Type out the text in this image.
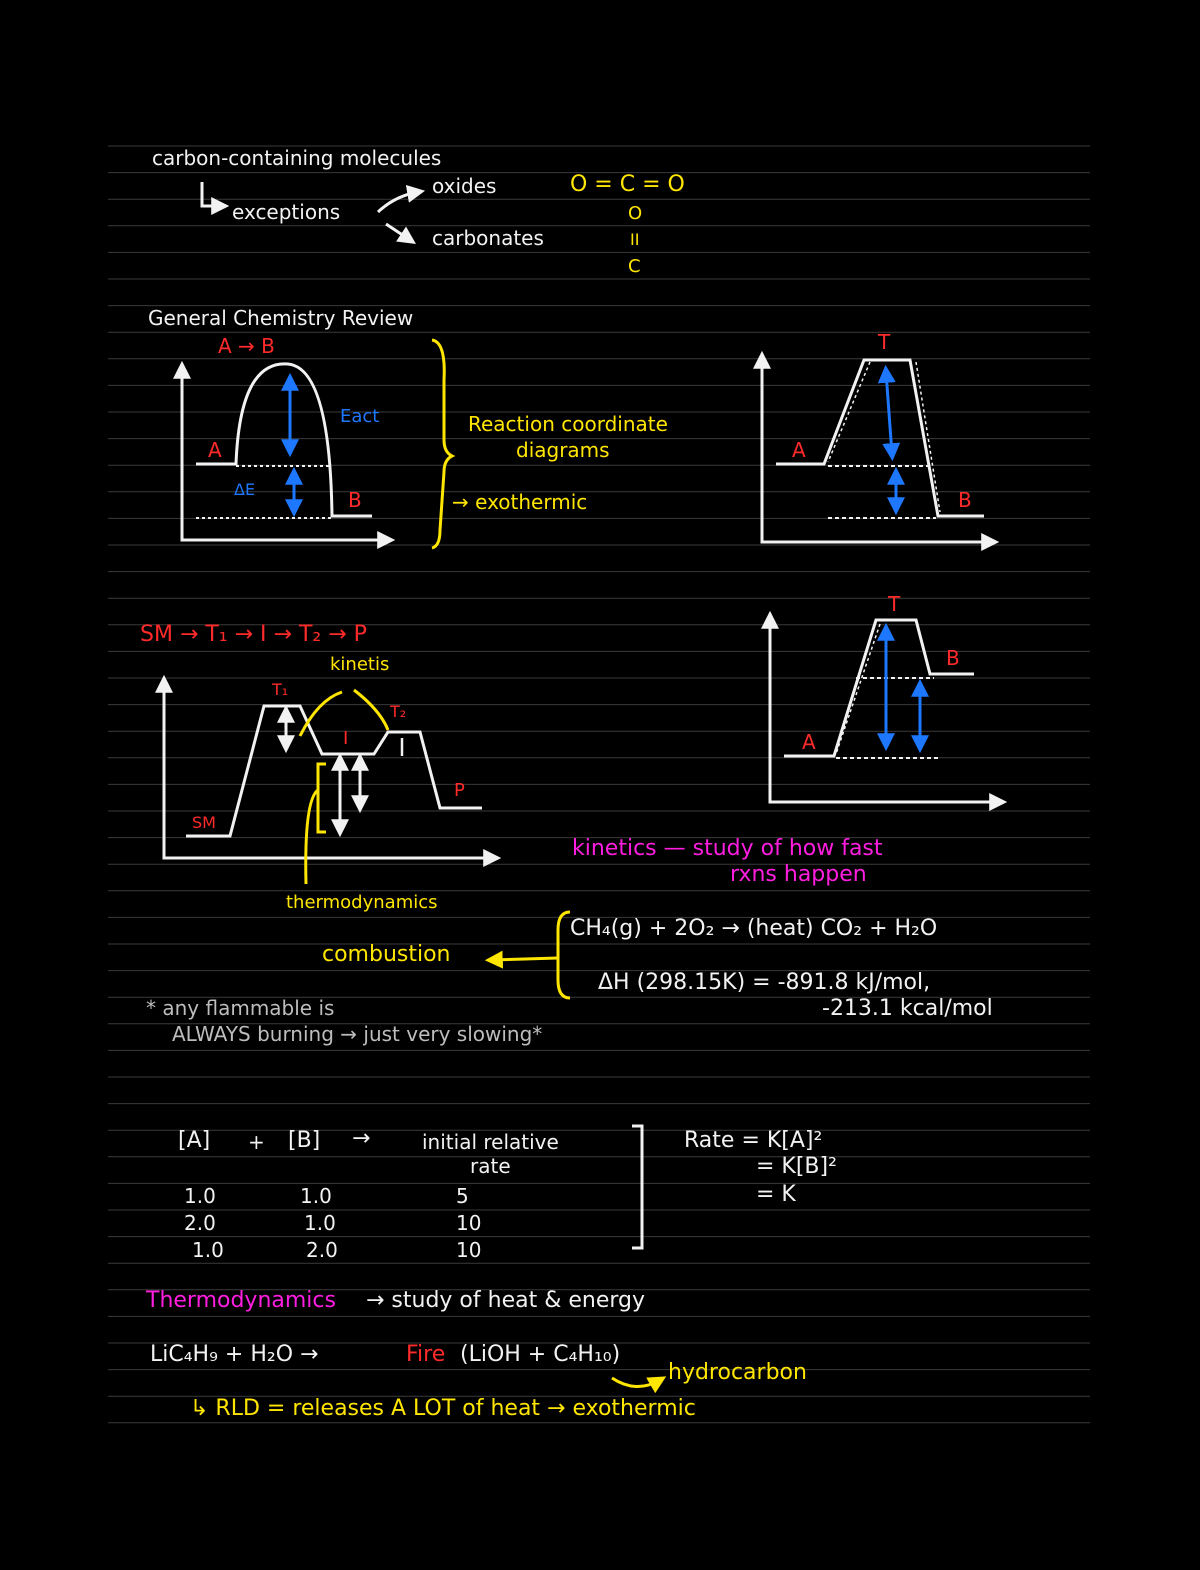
carbon-containing molecules
exceptions
oxides
carbonates
O = C = O
O
II
C
General Chemistry Review
A → B
A
B
Eact
ΔE
Reaction coordinate
diagrams
→ exothermic
T
A
B
SM → T₁ → I → T₂ → P
kinetis
T₁
T₂
I
P
SM
thermodynamics
kinetics — study of how fast
rxns happen
T
B
A
combustion
CH₄(g) + 2O₂ → (heat) CO₂ + H₂O
ΔH (298.15K) = -891.8 kJ/mol,
-213.1 kcal/mol
* any flammable is
ALWAYS burning → just very slowing*
[A] + [B] →	initial relative
rate
1.0	1.0	5
2.0	1.0	10
1.0	2.0	10
Rate = K[A]²
= K[B]²
= K
Thermodynamics → study of heat & energy
LiC₄H₉ + H₂O →	Fire (LiOH + C₄H₁₀)
hydrocarbon
↳ RLD = releases A LOT of heat → exothermic
